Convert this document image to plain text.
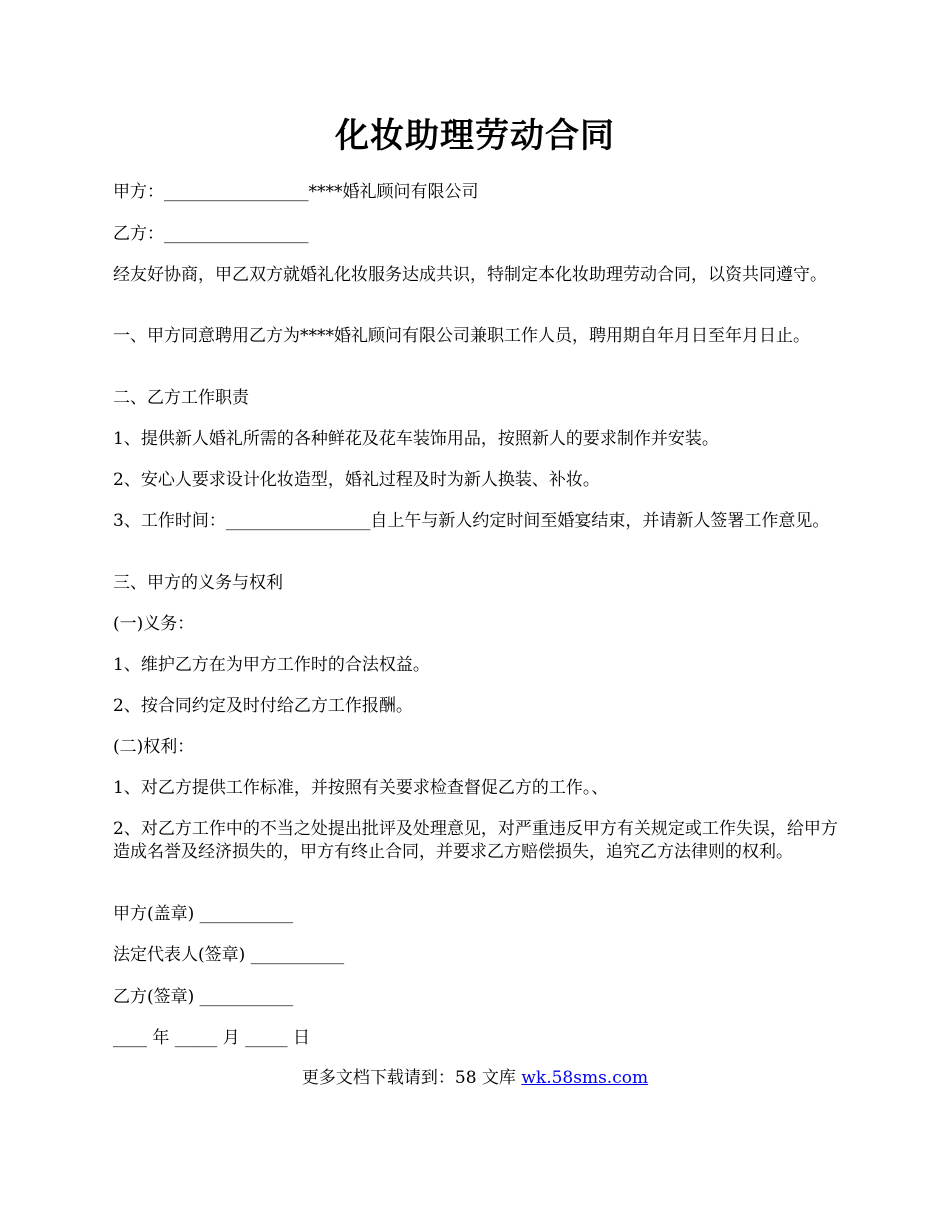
化妆助理劳动合同

甲方：_________________****婚礼顾问有限公司

乙方：_________________

经友好协商，甲乙双方就婚礼化妆服务达成共识，特制定本化妆助理劳动合同，以资共同遵守。

一、甲方同意聘用乙方为****婚礼顾问有限公司兼职工作人员，聘用期自年月日至年月日止。

二、乙方工作职责

1、提供新人婚礼所需的各种鲜花及花车装饰用品，按照新人的要求制作并安装。

2、安心人要求设计化妆造型，婚礼过程及时为新人换装、补妆。

3、工作时间：_________________自上午与新人约定时间至婚宴结束，并请新人签署工作意见。

三、甲方的义务与权利

(一)义务：

1、维护乙方在为甲方工作时的合法权益。

2、按合同约定及时付给乙方工作报酬。

(二)权利：

1、对乙方提供工作标准，并按照有关要求检查督促乙方的工作。、

2、对乙方工作中的不当之处提出批评及处理意见，对严重违反甲方有关规定或工作失误，给甲方造成名誉及经济损失的，甲方有终止合同，并要求乙方赔偿损失，追究乙方法律则的权利。

甲方(盖章) ___________

法定代表人(签章) ___________

乙方(签章) ___________

____ 年 _____ 月 _____ 日

更多文档下载请到：58 文库 wk.58sms.com
